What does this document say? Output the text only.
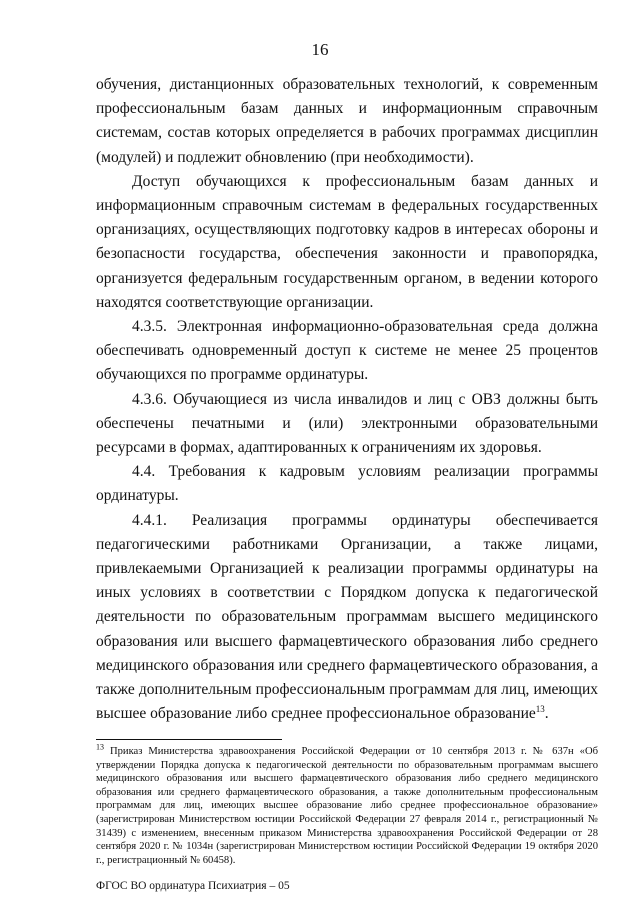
16

обучения, дистанционных образовательных технологий, к современным профессиональным базам данных и информационным справочным системам, состав которых определяется в рабочих программах дисциплин (модулей) и подлежит обновлению (при необходимости).

Доступ обучающихся к профессиональным базам данных и информационным справочным системам в федеральных государственных организациях, осуществляющих подготовку кадров в интересах обороны и безопасности государства, обеспечения законности и правопорядка, организуется федеральным государственным органом, в ведении которого находятся соответствующие организации.

4.3.5. Электронная информационно-образовательная среда должна обеспечивать одновременный доступ к системе не менее 25 процентов обучающихся по программе ординатуры.

4.3.6. Обучающиеся из числа инвалидов и лиц с ОВЗ должны быть обеспечены печатными и (или) электронными образовательными ресурсами в формах, адаптированных к ограничениям их здоровья.

4.4. Требования к кадровым условиям реализации программы ординатуры.

4.4.1. Реализация программы ординатуры обеспечивается педагогическими работниками Организации, а также лицами, привлекаемыми Организацией к реализации программы ординатуры на иных условиях в соответствии с Порядком допуска к педагогической деятельности по образовательным программам высшего медицинского образования или высшего фармацевтического образования либо среднего медицинского образования или среднего фармацевтического образования, а также дополнительным профессиональным программам для лиц, имеющих высшее образование либо среднее профессиональное образование$^{13}$.

$^{13}$ Приказ Министерства здравоохранения Российской Федерации от 10 сентября 2013 г. № 637н «Об утверждении Порядка допуска к педагогической деятельности по образовательным программам высшего медицинского образования или высшего фармацевтического образования либо среднего медицинского образования или среднего фармацевтического образования, а также дополнительным профессиональным программам для лиц, имеющих высшее образование либо среднее профессиональное образование» (зарегистрирован Министерством юстиции Российской Федерации 27 февраля 2014 г., регистрационный № 31439) с изменением, внесенным приказом Министерства здравоохранения Российской Федерации от 28 сентября 2020 г. № 1034н (зарегистрирован Министерством юстиции Российской Федерации 19 октября 2020 г., регистрационный № 60458).
ФГОС ВО ординатура Психиатрия – 05
